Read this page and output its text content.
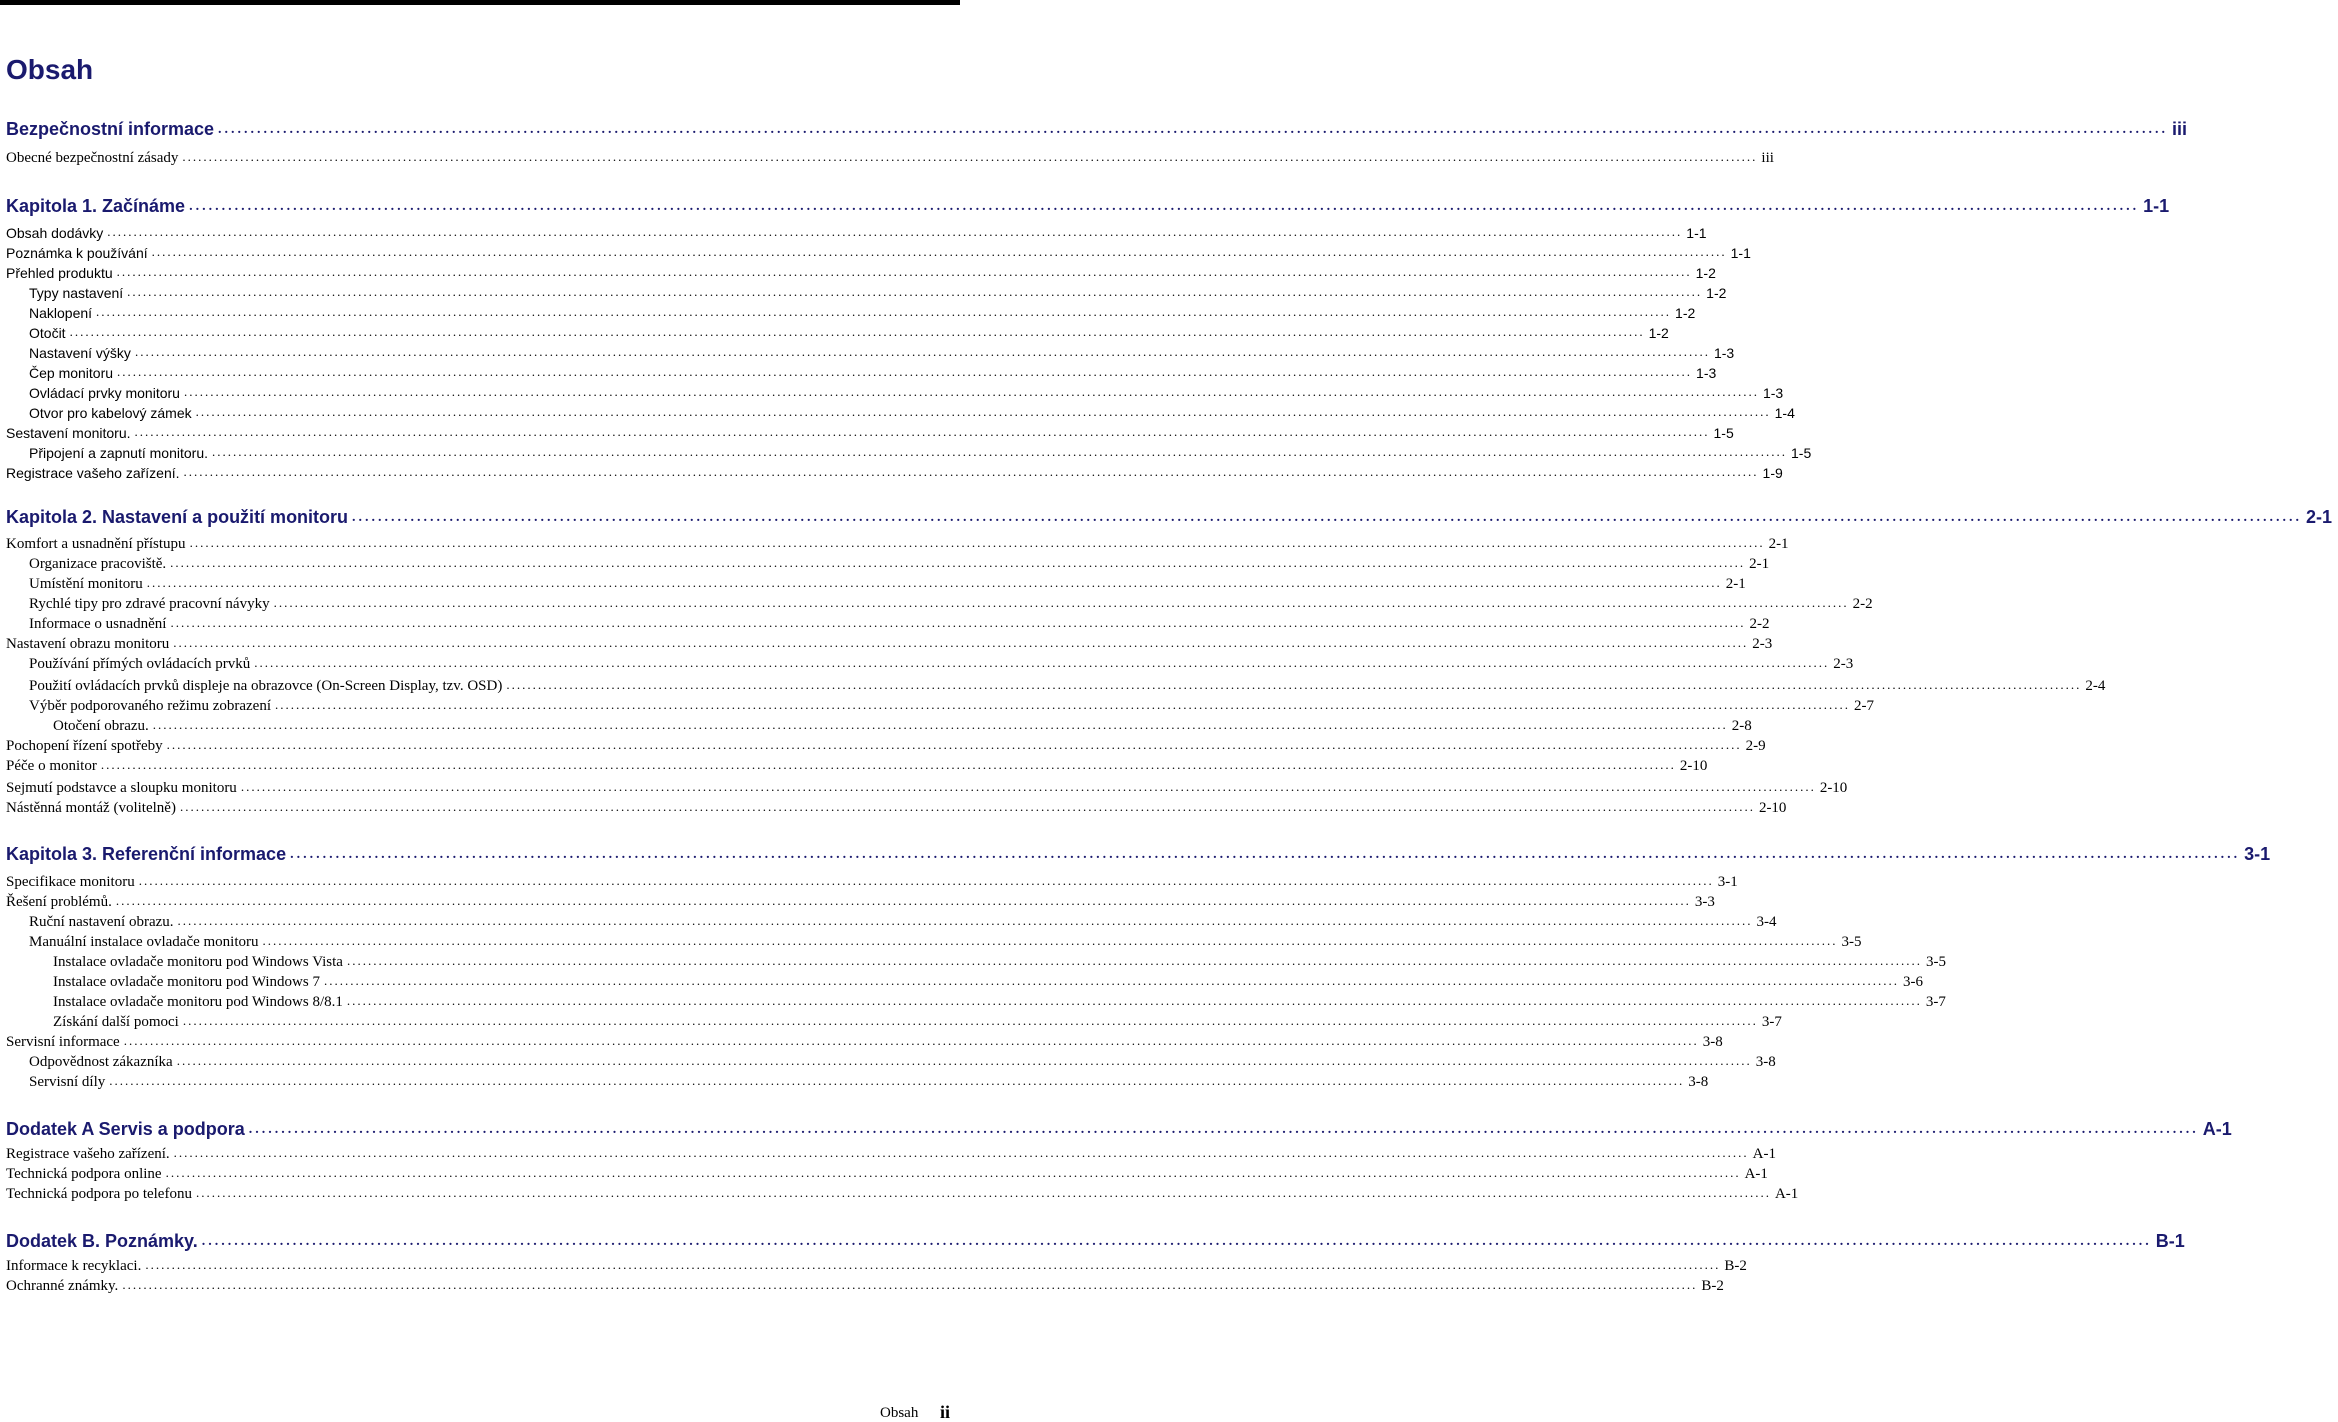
Obsah
Bezpečnostní informace ............................................................................................................................................................................................................................................................................................................ iii
Obecné bezpečnostní zásady ............................................................................................................................................................................................................................................................................................................ iii
Kapitola 1. Začínáme ............................................................................................................................................................................................................................................................................................................ 1-1
Obsah dodávky ............................................................................................................................................................................................................................................................................................................ 1-1
Poznámka k používání ............................................................................................................................................................................................................................................................................................................ 1-1
Přehled produktu ............................................................................................................................................................................................................................................................................................................ 1-2
Typy nastavení ............................................................................................................................................................................................................................................................................................................ 1-2
Naklopení ............................................................................................................................................................................................................................................................................................................ 1-2
Otočit ............................................................................................................................................................................................................................................................................................................ 1-2
Nastavení výšky ............................................................................................................................................................................................................................................................................................................ 1-3
Čep monitoru ............................................................................................................................................................................................................................................................................................................ 1-3
Ovládací prvky monitoru ............................................................................................................................................................................................................................................................................................................ 1-3
Otvor pro kabelový zámek ............................................................................................................................................................................................................................................................................................................ 1-4
Sestavení monitoru. ............................................................................................................................................................................................................................................................................................................ 1-5
Připojení a zapnutí monitoru. ............................................................................................................................................................................................................................................................................................................ 1-5
Registrace vašeho zařízení. ............................................................................................................................................................................................................................................................................................................ 1-9
Kapitola 2. Nastavení a použití monitoru ............................................................................................................................................................................................................................................................................................................ 2-1
Komfort a usnadnění přístupu ............................................................................................................................................................................................................................................................................................................ 2-1
Organizace pracoviště. ............................................................................................................................................................................................................................................................................................................ 2-1
Umístění monitoru ............................................................................................................................................................................................................................................................................................................ 2-1
Rychlé tipy pro zdravé pracovní návyky ............................................................................................................................................................................................................................................................................................................ 2-2
Informace o usnadnění ............................................................................................................................................................................................................................................................................................................ 2-2
Nastavení obrazu monitoru ............................................................................................................................................................................................................................................................................................................ 2-3
Používání přímých ovládacích prvků ............................................................................................................................................................................................................................................................................................................ 2-3
Použití ovládacích prvků displeje na obrazovce (On-Screen Display, tzv. OSD) ............................................................................................................................................................................................................................................................................................................ 2-4
Výběr podporovaného režimu zobrazení ............................................................................................................................................................................................................................................................................................................ 2-7
Otočení obrazu. ............................................................................................................................................................................................................................................................................................................ 2-8
Pochopení řízení spotřeby ............................................................................................................................................................................................................................................................................................................ 2-9
Péče o monitor ............................................................................................................................................................................................................................................................................................................ 2-10
Sejmutí podstavce a sloupku monitoru ............................................................................................................................................................................................................................................................................................................ 2-10
Nástěnná montáž (volitelně) ............................................................................................................................................................................................................................................................................................................ 2-10
Kapitola 3. Referenční informace ............................................................................................................................................................................................................................................................................................................ 3-1
Specifikace monitoru ............................................................................................................................................................................................................................................................................................................ 3-1
Řešení problémů. ............................................................................................................................................................................................................................................................................................................ 3-3
Ruční nastavení obrazu. ............................................................................................................................................................................................................................................................................................................ 3-4
Manuální instalace ovladače monitoru ............................................................................................................................................................................................................................................................................................................ 3-5
Instalace ovladače monitoru pod Windows Vista ............................................................................................................................................................................................................................................................................................................ 3-5
Instalace ovladače monitoru pod Windows 7 ............................................................................................................................................................................................................................................................................................................ 3-6
Instalace ovladače monitoru pod Windows 8/8.1 ............................................................................................................................................................................................................................................................................................................ 3-7
Získání další pomoci ............................................................................................................................................................................................................................................................................................................ 3-7
Servisní informace ............................................................................................................................................................................................................................................................................................................ 3-8
Odpovědnost zákazníka ............................................................................................................................................................................................................................................................................................................ 3-8
Servisní díly ............................................................................................................................................................................................................................................................................................................ 3-8
Dodatek A Servis a podpora ............................................................................................................................................................................................................................................................................................................ A-1
Registrace vašeho zařízení. ............................................................................................................................................................................................................................................................................................................ A-1
Technická podpora online ............................................................................................................................................................................................................................................................................................................ A-1
Technická podpora po telefonu ............................................................................................................................................................................................................................................................................................................ A-1
Dodatek B. Poznámky. ............................................................................................................................................................................................................................................................................................................ B-1
Informace k recyklaci. ............................................................................................................................................................................................................................................................................................................ B-2
Ochranné známky. ............................................................................................................................................................................................................................................................................................................ B-2
Obsah ii
